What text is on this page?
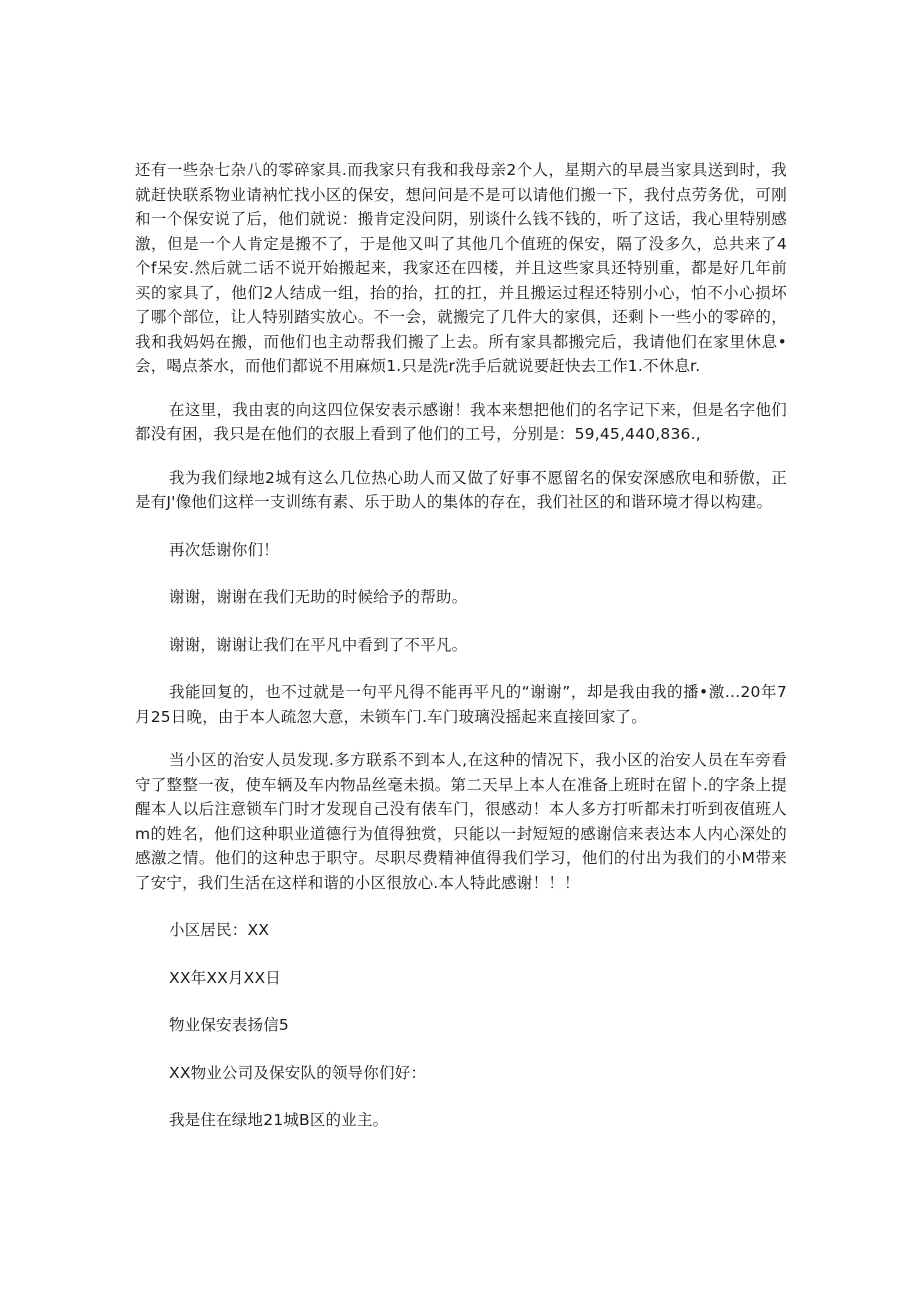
还有一些杂七杂八的零碎家具.而我家只有我和我母亲2个人，星期六的早晨当家具送到时，我就赶快联系物业请衲忙找小区的保安，想问问是不是可以请他们搬一下，我付点劳务优，可刚和一个保安说了后，他们就说：搬肯定没问阴，别谈什么钱不钱的，听了这话，我心里特别感激，但是一个人肯定是搬不了，于是他又叫了其他几个值班的保安，隔了没多久，总共来了4个f呆安.然后就二话不说开始搬起来，我家还在四楼，并且这些家具还特别重，都是好几年前买的家具了，他们2人结成一组，抬的抬，扛的扛，并且搬运过程还特别小心，怕不小心损坏了哪个部位，让人特别踏实放心。不一会，就搬完了几件大的家俱，还剩卜一些小的零碎的，我和我妈妈在搬，而他们也主动帮我们搬了上去。所有家具都搬完后，我请他们在家里休息•会，喝点茶水，而他们都说不用麻烦1.只是洗r洗手后就说要赶快去工作1.不休息r.

在这里，我由衷的向这四位保安表示感谢！我本来想把他们的名字记下来，但是名字他们都没有困，我只是在他们的衣服上看到了他们的工号，分别是：59,45,440,836.,

我为我们绿地2城有这么几位热心助人而又做了好事不愿留名的保安深感欣电和骄傲，正是有J'像他们这样一支训练有素、乐于助人的集体的存在，我们社区的和谐环境才得以构建。

再次恁谢你们！

谢谢，谢谢在我们无助的时候给予的帮助。

谢谢，谢谢让我们在平凡中看到了不平凡。

我能回复的，也不过就是一句平凡得不能再平凡的“谢谢”，却是我由我的播•激…20年7月25日晚，由于本人疏忽大意，未锁车门.车门玻璃没摇起来直接回家了。

当小区的治安人员发现.多方联系不到本人,在这种的情况下，我小区的治安人员在车旁看守了整整一夜，使车辆及车内物品丝毫未损。第二天早上本人在准备上班时在留卜.的字条上提醒本人以后注意锁车门时才发现自己没有俵车门，很感动！本人多方打听都未打听到夜值班人m的姓名，他们这种职业道德行为值得独赏，只能以一封短短的感谢信来表达本人内心深处的感激之情。他们的这种忠于职守。尽职尽费精神值得我们学习，他们的付出为我们的小M带来了安宁，我们生活在这样和谐的小区很放心.本人特此感谢！！！

小区居民：XX

XX年XX月XX日

物业保安表扬信5

XX物业公司及保安队的领导你们好：

我是住在绿地21城B区的业主。
